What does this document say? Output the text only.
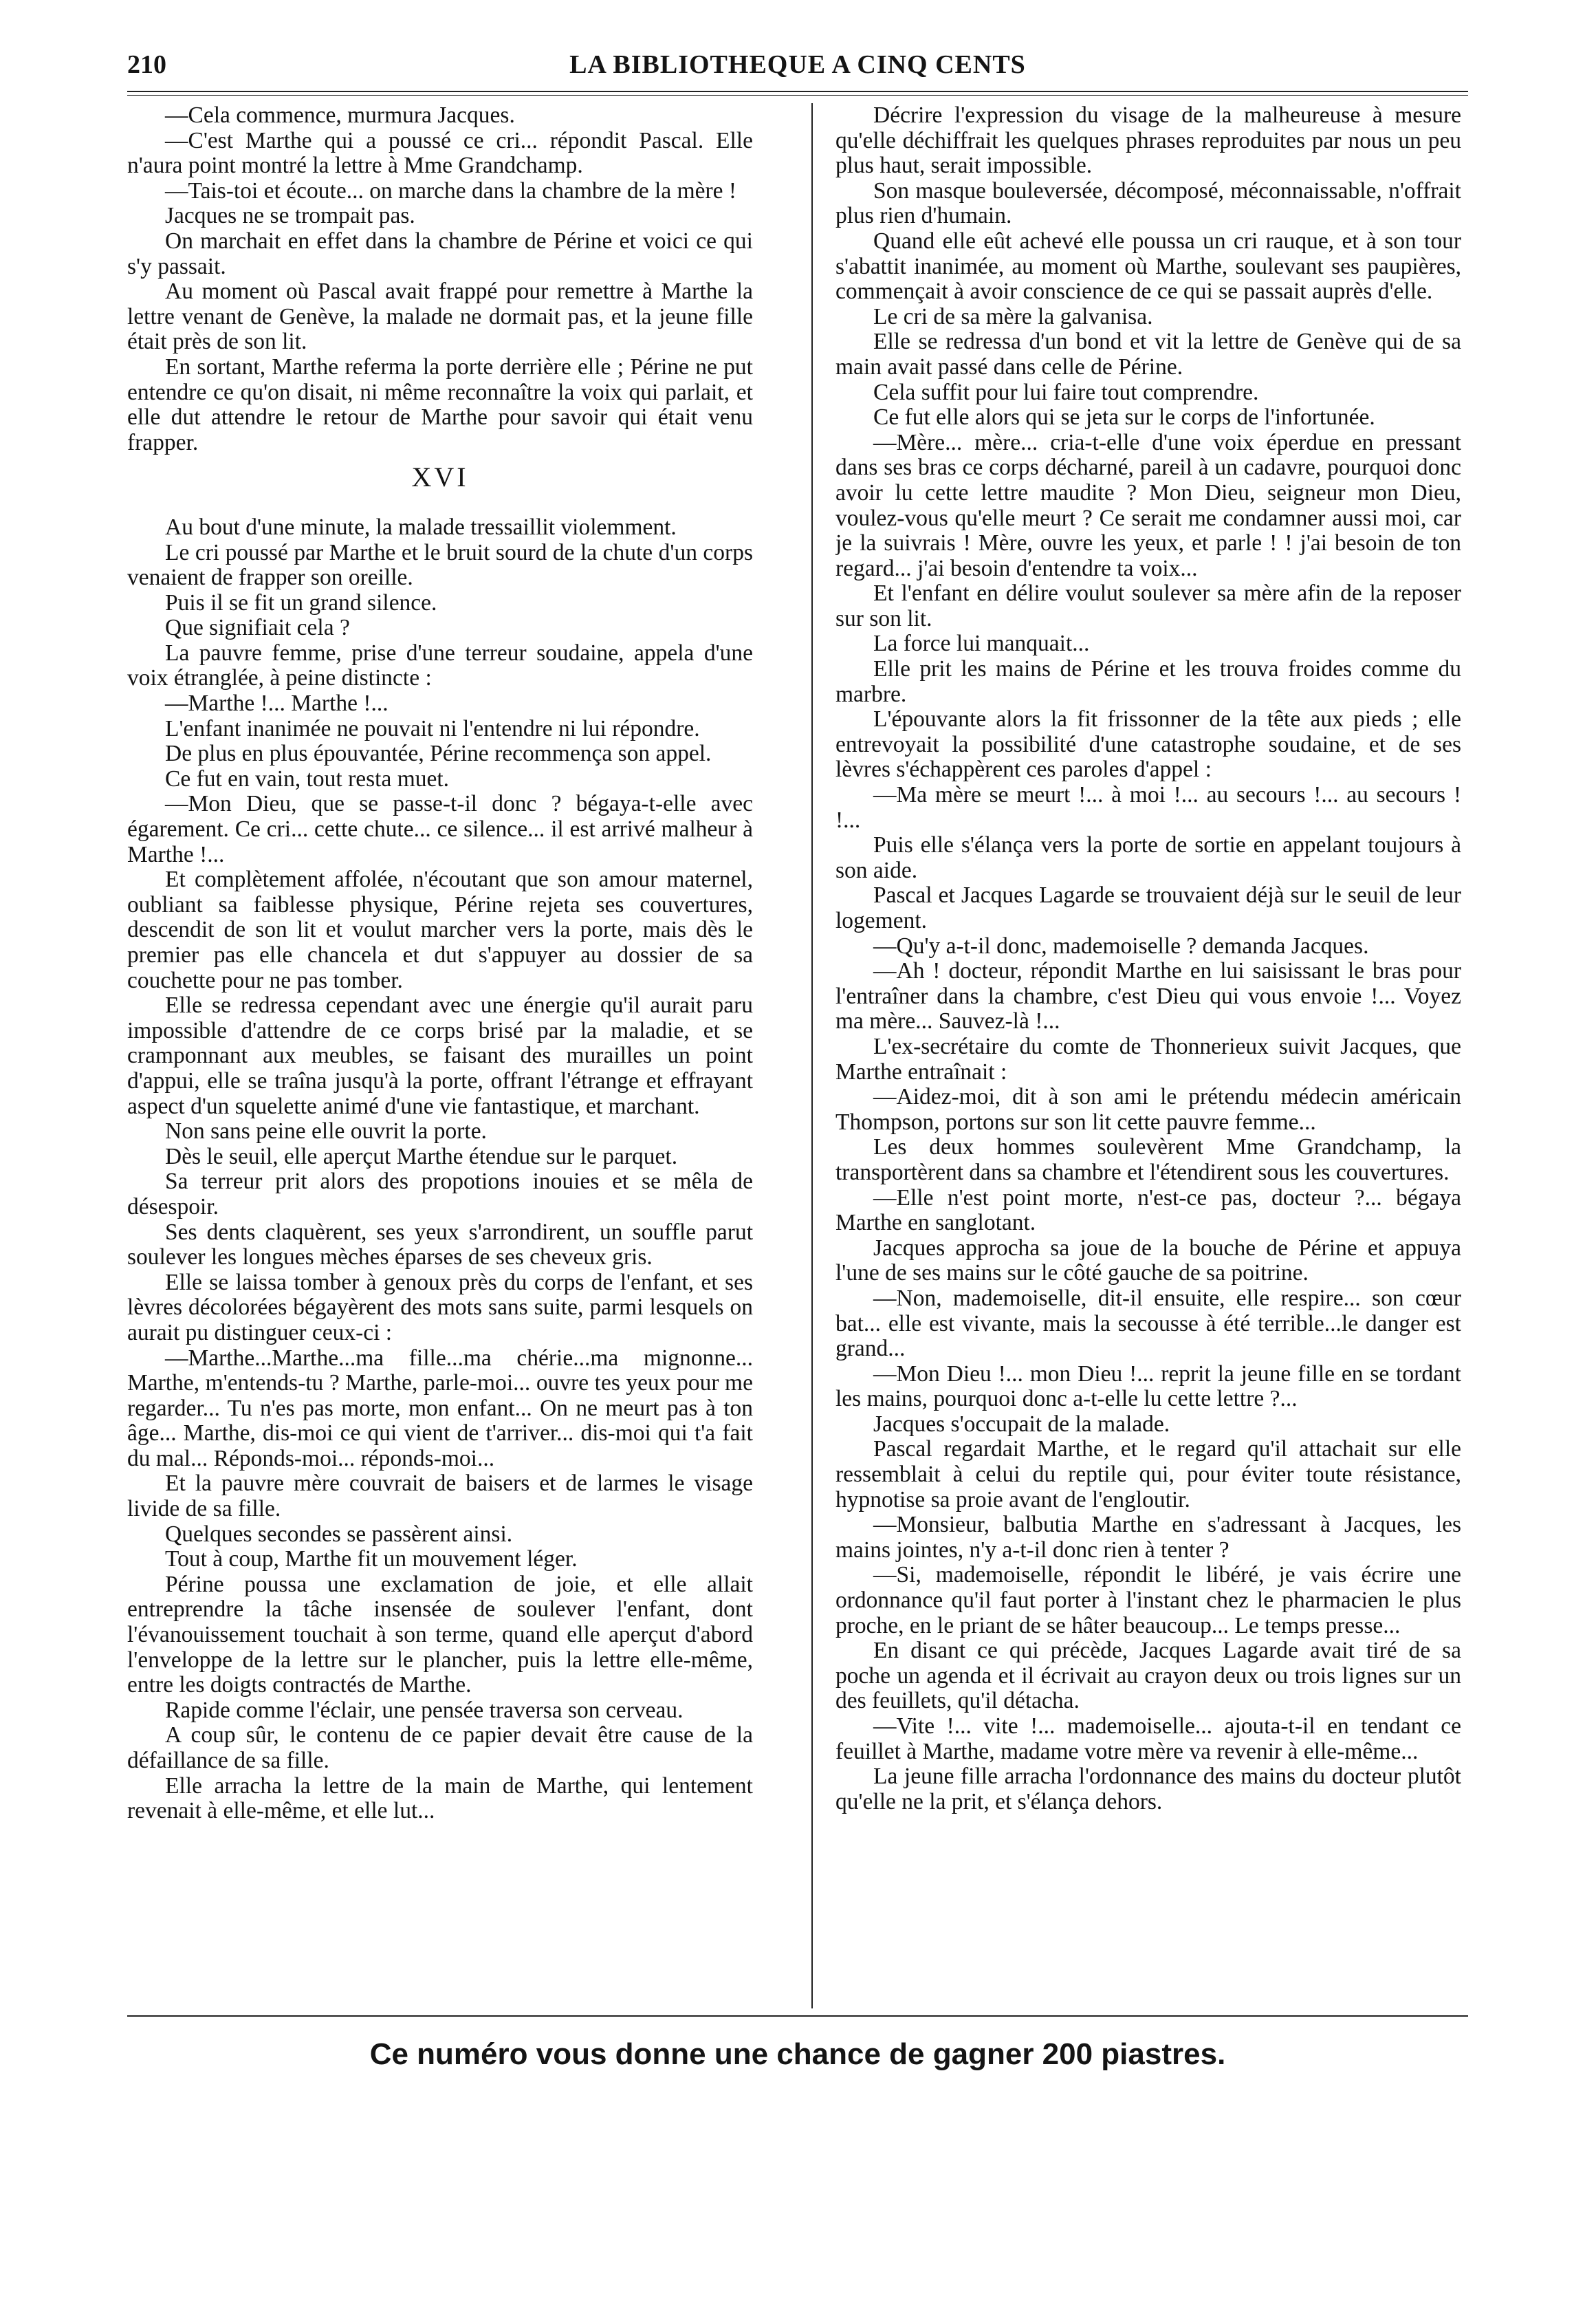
210	LA BIBLIOTHEQUE A CINQ CENTS

—Cela commence, murmura Jacques.

—C'est Marthe qui a poussé ce cri... répondit Pascal. Elle n'aura point montré la lettre à Mme Grandchamp.

—Tais-toi et écoute... on marche dans la chambre de la mère !

Jacques ne se trompait pas.

On marchait en effet dans la chambre de Périne et voici ce qui s'y passait.

Au moment où Pascal avait frappé pour remettre à Marthe la lettre venant de Genève, la malade ne dormait pas, et la jeune fille était près de son lit.

En sortant, Marthe referma la porte derrière elle ; Périne ne put entendre ce qu'on disait, ni même reconnaître la voix qui parlait, et elle dut attendre le retour de Marthe pour savoir qui était venu frapper.

XVI

Au bout d'une minute, la malade tressaillit violemment.

Le cri poussé par Marthe et le bruit sourd de la chute d'un corps venaient de frapper son oreille.

Puis il se fit un grand silence.

Que signifiait cela ?

La pauvre femme, prise d'une terreur soudaine, appela d'une voix étranglée, à peine distincte :

—Marthe !... Marthe !...

L'enfant inanimée ne pouvait ni l'entendre ni lui répondre.

De plus en plus épouvantée, Périne recommença son appel.

Ce fut en vain, tout resta muet.

—Mon Dieu, que se passe-t-il donc ? bégaya-t-elle avec égarement. Ce cri... cette chute... ce silence... il est arrivé malheur à Marthe !...

Et complètement affolée, n'écoutant que son amour maternel, oubliant sa faiblesse physique, Périne rejeta ses couvertures, descendit de son lit et voulut marcher vers la porte, mais dès le premier pas elle chancela et dut s'appuyer au dossier de sa couchette pour ne pas tomber.

Elle se redressa cependant avec une énergie qu'il aurait paru impossible d'attendre de ce corps brisé par la maladie, et se cramponnant aux meubles, se faisant des murailles un point d'appui, elle se traîna jusqu'à la porte, offrant l'étrange et effrayant aspect d'un squelette animé d'une vie fantastique, et marchant.

Non sans peine elle ouvrit la porte.

Dès le seuil, elle aperçut Marthe étendue sur le parquet.

Sa terreur prit alors des propotions inouies et se mêla de désespoir.

Ses dents claquèrent, ses yeux s'arrondirent, un souffle parut soulever les longues mèches éparses de ses cheveux gris.

Elle se laissa tomber à genoux près du corps de l'enfant, et ses lèvres décolorées bégayèrent des mots sans suite, parmi lesquels on aurait pu distinguer ceux-ci :

—Marthe...Marthe...ma fille...ma chérie...ma mignonne... Marthe, m'entends-tu ? Marthe, parle-moi... ouvre tes yeux pour me regarder... Tu n'es pas morte, mon enfant... On ne meurt pas à ton âge... Marthe, dis-moi ce qui vient de t'arriver... dis-moi qui t'a fait du mal... Réponds-moi... réponds-moi...

Et la pauvre mère couvrait de baisers et de larmes le visage livide de sa fille.

Quelques secondes se passèrent ainsi.

Tout à coup, Marthe fit un mouvement léger.

Périne poussa une exclamation de joie, et elle allait entreprendre la tâche insensée de soulever l'enfant, dont l'évanouissement touchait à son terme, quand elle aperçut d'abord l'enveloppe de la lettre sur le plancher, puis la lettre elle-même, entre les doigts contractés de Marthe.

Rapide comme l'éclair, une pensée traversa son cerveau.

A coup sûr, le contenu de ce papier devait être cause de la défaillance de sa fille.

Elle arracha la lettre de la main de Marthe, qui lentement revenait à elle-même, et elle lut...

Décrire l'expression du visage de la malheureuse à mesure qu'elle déchiffrait les quelques phrases reproduites par nous un peu plus haut, serait impossible.

Son masque bouleversée, décomposé, méconnaissable, n'offrait plus rien d'humain.

Quand elle eût achevé elle poussa un cri rauque, et à son tour s'abattit inanimée, au moment où Marthe, soulevant ses paupières, commençait à avoir conscience de ce qui se passait auprès d'elle.

Le cri de sa mère la galvanisa.

Elle se redressa d'un bond et vit la lettre de Genève qui de sa main avait passé dans celle de Périne.

Cela suffit pour lui faire tout comprendre.

Ce fut elle alors qui se jeta sur le corps de l'infortunée.

—Mère... mère... cria-t-elle d'une voix éperdue en pressant dans ses bras ce corps décharné, pareil à un cadavre, pourquoi donc avoir lu cette lettre maudite ? Mon Dieu, seigneur mon Dieu, voulez-vous qu'elle meurt ? Ce serait me condamner aussi moi, car je la suivrais ! Mère, ouvre les yeux, et parle ! ! j'ai besoin de ton regard... j'ai besoin d'entendre ta voix...

Et l'enfant en délire voulut soulever sa mère afin de la reposer sur son lit.

La force lui manquait...

Elle prit les mains de Périne et les trouva froides comme du marbre.

L'épouvante alors la fit frissonner de la tête aux pieds ; elle entrevoyait la possibilité d'une catastrophe soudaine, et de ses lèvres s'échappèrent ces paroles d'appel :

—Ma mère se meurt !... à moi !... au secours !... au secours ! !...

Puis elle s'élança vers la porte de sortie en appelant toujours à son aide.

Pascal et Jacques Lagarde se trouvaient déjà sur le seuil de leur logement.

—Qu'y a-t-il donc, mademoiselle ? demanda Jacques.

—Ah ! docteur, répondit Marthe en lui saisissant le bras pour l'entraîner dans la chambre, c'est Dieu qui vous envoie !... Voyez ma mère... Sauvez-là !...

L'ex-secrétaire du comte de Thonnerieux suivit Jacques, que Marthe entraînait :

—Aidez-moi, dit à son ami le prétendu médecin américain Thompson, portons sur son lit cette pauvre femme...

Les deux hommes soulevèrent Mme Grandchamp, la transportèrent dans sa chambre et l'étendirent sous les couvertures.

—Elle n'est point morte, n'est-ce pas, docteur ?... bégaya Marthe en sanglotant.

Jacques approcha sa joue de la bouche de Périne et appuya l'une de ses mains sur le côté gauche de sa poitrine.

—Non, mademoiselle, dit-il ensuite, elle respire... son cœur bat... elle est vivante, mais la secousse à été terrible...le danger est grand...

—Mon Dieu !... mon Dieu !... reprit la jeune fille en se tordant les mains, pourquoi donc a-t-elle lu cette lettre ?...

Jacques s'occupait de la malade.

Pascal regardait Marthe, et le regard qu'il attachait sur elle ressemblait à celui du reptile qui, pour éviter toute résistance, hypnotise sa proie avant de l'engloutir.

—Monsieur, balbutia Marthe en s'adressant à Jacques, les mains jointes, n'y a-t-il donc rien à tenter ?

—Si, mademoiselle, répondit le libéré, je vais écrire une ordonnance qu'il faut porter à l'instant chez le pharmacien le plus proche, en le priant de se hâter beaucoup... Le temps presse...

En disant ce qui précède, Jacques Lagarde avait tiré de sa poche un agenda et il écrivait au crayon deux ou trois lignes sur un des feuillets, qu'il détacha.

—Vite !... vite !... mademoiselle... ajouta-t-il en tendant ce feuillet à Marthe, madame votre mère va revenir à elle-même...

La jeune fille arracha l'ordonnance des mains du docteur plutôt qu'elle ne la prit, et s'élança dehors.

Ce numéro vous donne une chance de gagner 200 piastres.
